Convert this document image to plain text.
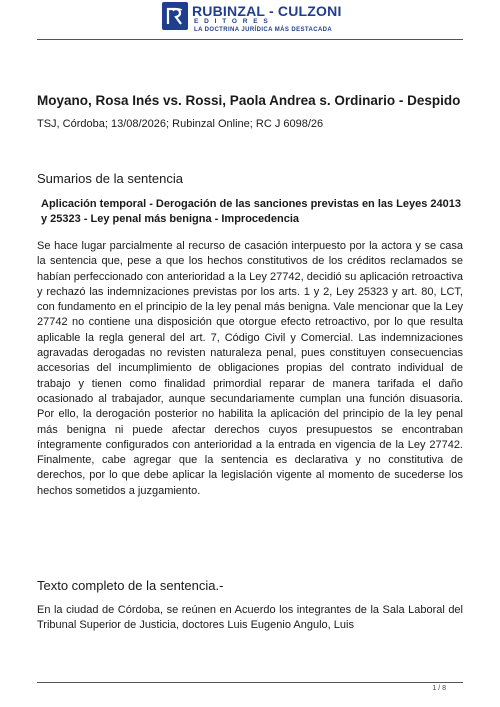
RUBINZAL - CULZONI
EDITORES
LA DOCTRINA JURÍDICA MÁS DESTACADA
Moyano, Rosa Inés vs. Rossi, Paola Andrea s. Ordinario - Despido

TSJ, Córdoba; 13/08/2026; Rubinzal Online; RC J 6098/26

Sumarios de la sentencia

Aplicación temporal - Derogación de las sanciones previstas en las Leyes 24013 y 25323 - Ley penal más benigna - Improcedencia

Se hace lugar parcialmente al recurso de casación interpuesto por la actora y se casa la sentencia que, pese a que los hechos constitutivos de los créditos reclamados se habían perfeccionado con anterioridad a la Ley 27742, decidió su aplicación retroactiva y rechazó las indemnizaciones previstas por los arts. 1 y 2, Ley 25323 y art. 80, LCT, con fundamento en el principio de la ley penal más benigna. Vale mencionar que la Ley 27742 no contiene una disposición que otorgue efecto retroactivo, por lo que resulta aplicable la regla general del art. 7, Código Civil y Comercial. Las indemnizaciones agravadas derogadas no revisten naturaleza penal, pues constituyen consecuencias accesorias del incumplimiento de obligaciones propias del contrato individual de trabajo y tienen como finalidad primordial reparar de manera tarifada el daño ocasionado al trabajador, aunque secundariamente cumplan una función disuasoria. Por ello, la derogación posterior no habilita la aplicación del principio de la ley penal más benigna ni puede afectar derechos cuyos presupuestos se encontraban íntegramente configurados con anterioridad a la entrada en vigencia de la Ley 27742. Finalmente, cabe agregar que la sentencia es declarativa y no constitutiva de derechos, por lo que debe aplicar la legislación vigente al momento de sucederse los hechos sometidos a juzgamiento.

Texto completo de la sentencia.-

En la ciudad de Córdoba, se reúnen en Acuerdo los integrantes de la Sala Laboral del Tribunal Superior de Justicia, doctores Luis Eugenio Angulo, Luis

1 / 8
